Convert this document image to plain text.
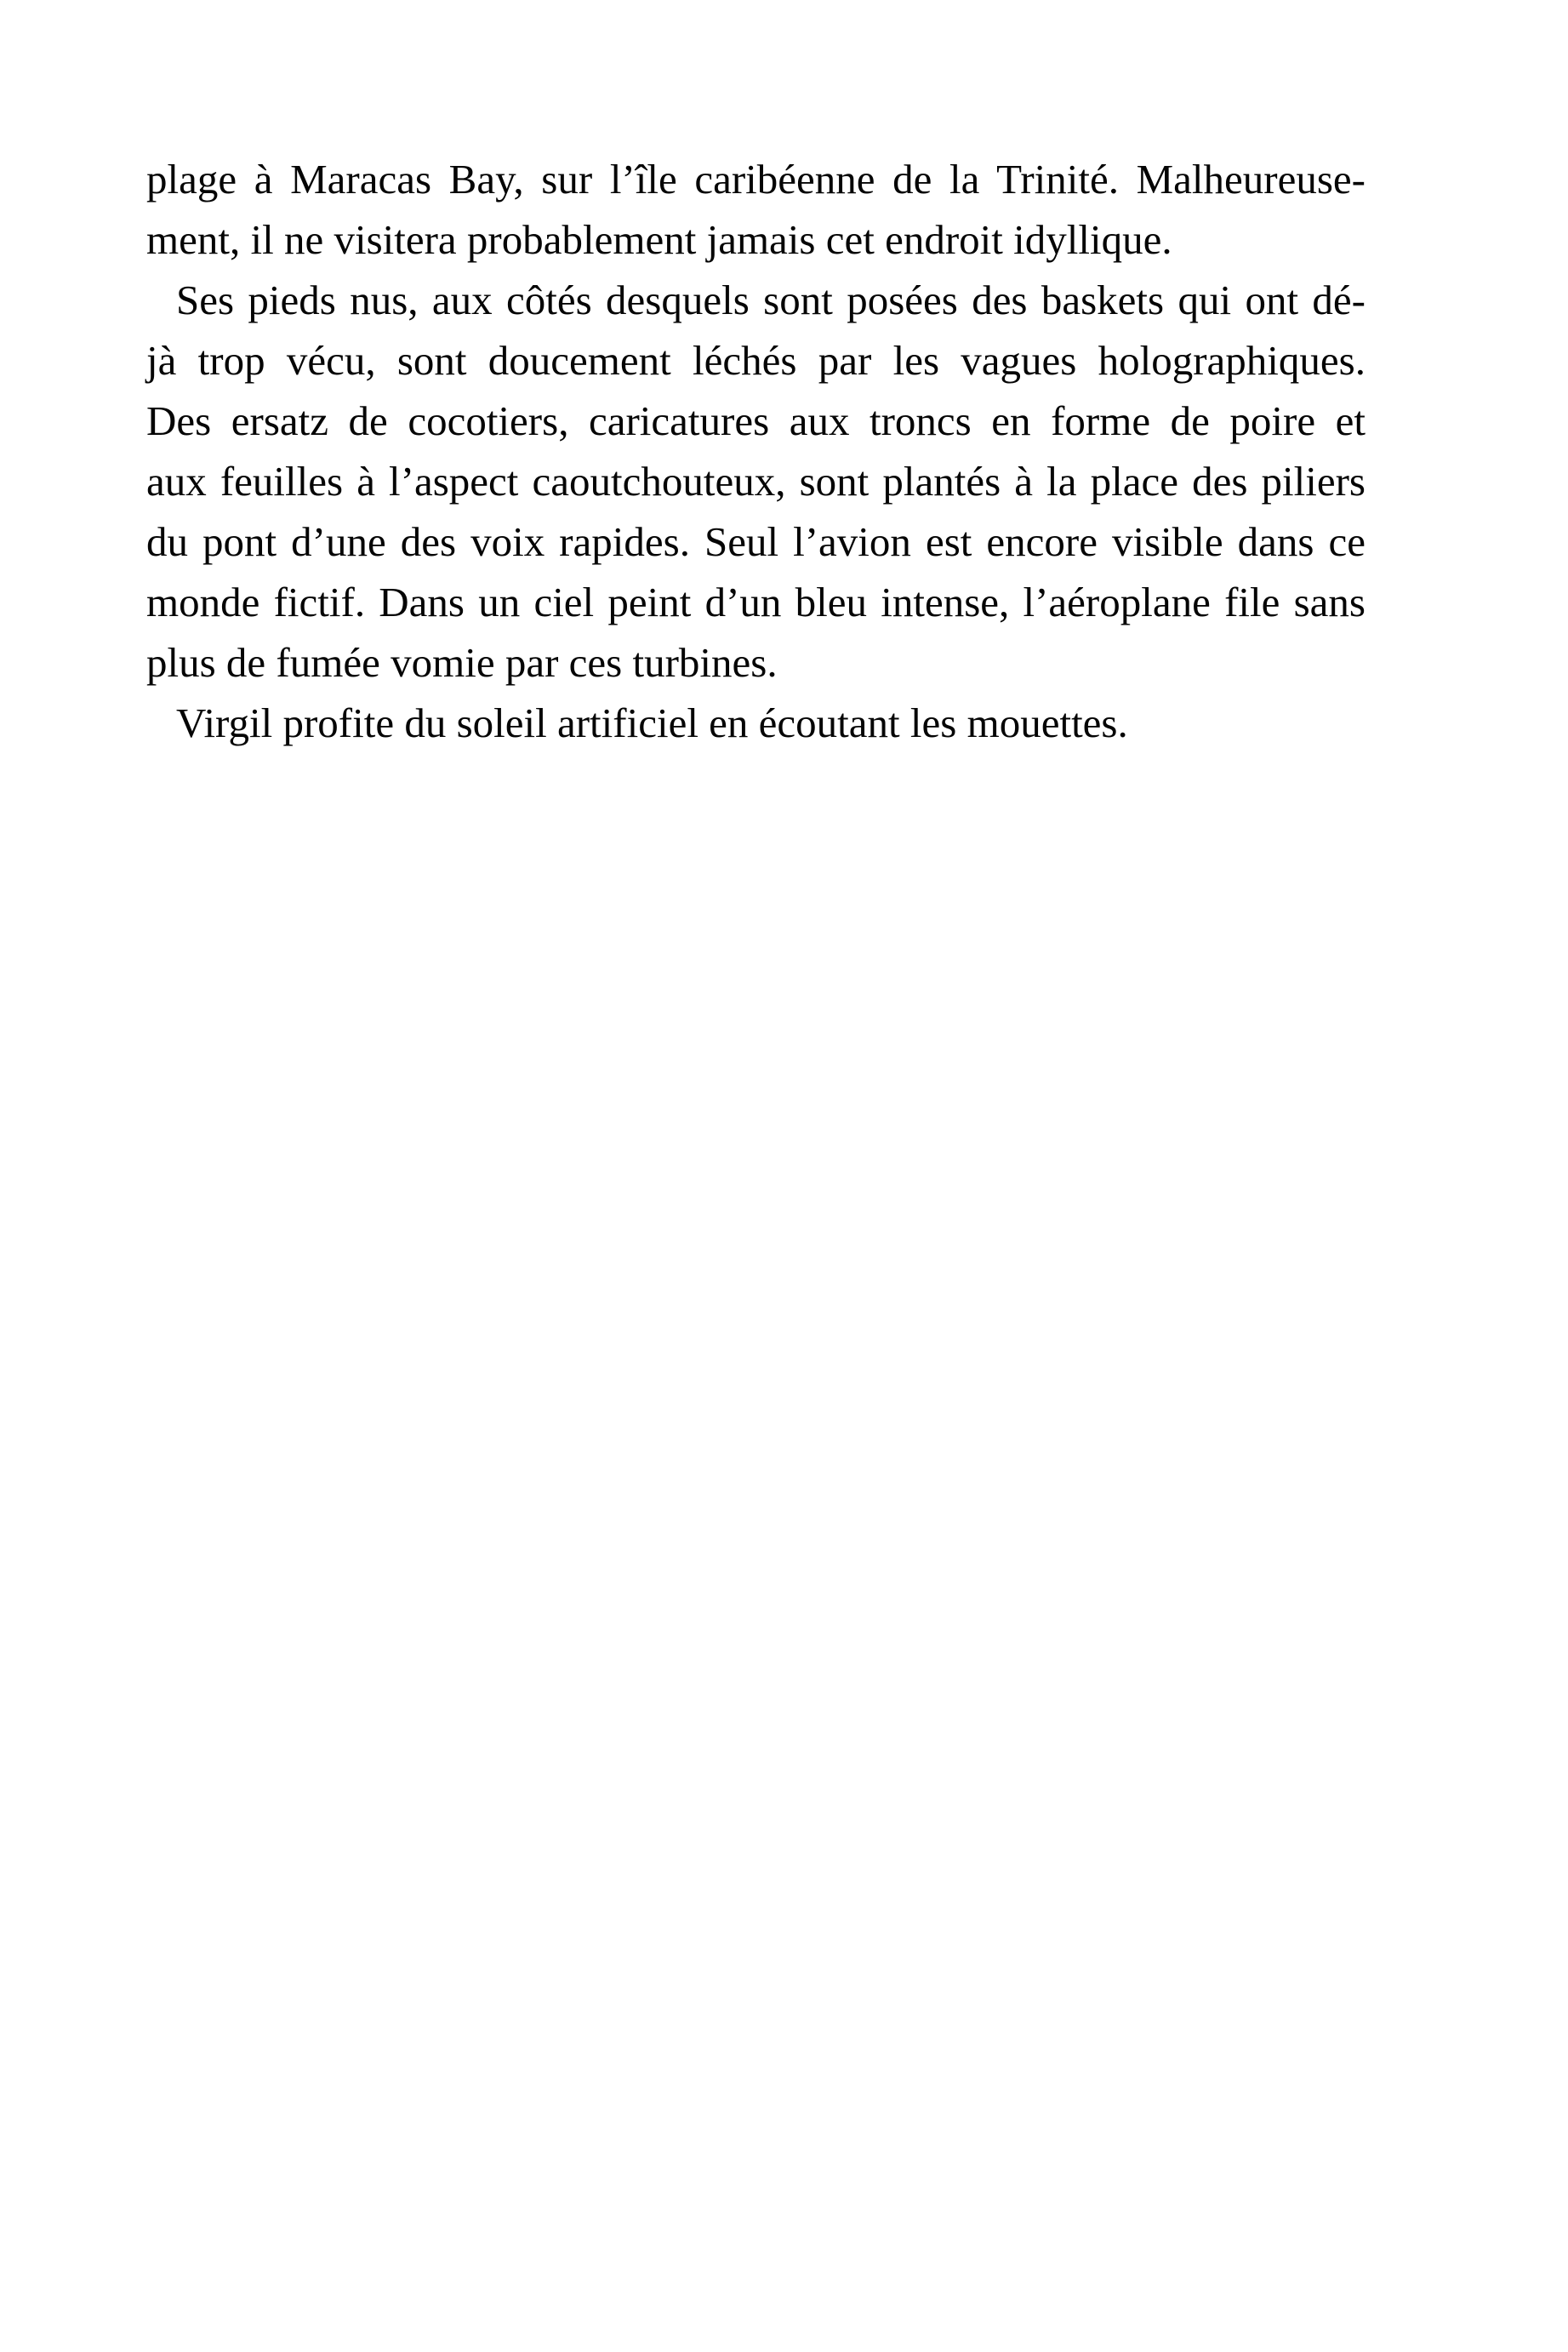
plage à Maracas Bay, sur l’île caribéenne de la Trinité. Malheureuse-
ment, il ne visitera probablement jamais cet endroit idyllique.
Ses pieds nus, aux côtés desquels sont posées des baskets qui ont dé-
jà trop vécu, sont doucement léchés par les vagues holographiques.
Des ersatz de cocotiers, caricatures aux troncs en forme de poire et
aux feuilles à l’aspect caoutchouteux, sont plantés à la place des piliers
du pont d’une des voix rapides. Seul l’avion est encore visible dans ce
monde fictif. Dans un ciel peint d’un bleu intense, l’aéroplane file sans
plus de fumée vomie par ces turbines.
Virgil profite du soleil artificiel en écoutant les mouettes.
